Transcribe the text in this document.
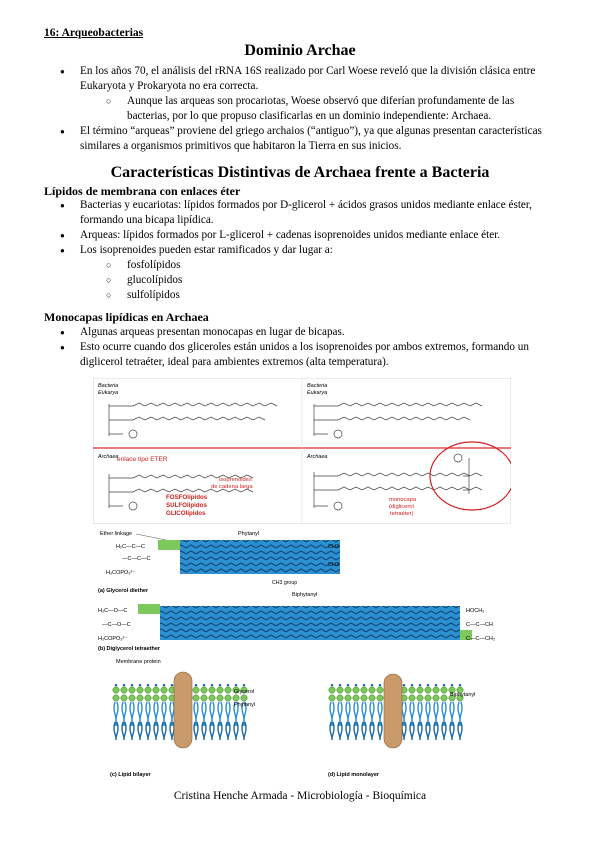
16: Arqueobacterias
Dominio Archae
● En los años 70, el análisis del rRNA 16S realizado por Carl Woese reveló que la división clásica entre Eukaryota y Prokaryota no era correcta.
○ Aunque las arqueas son procariotas, Woese observó que diferían profundamente de las bacterias, por lo que propuso clasificarlas en un dominio independiente: Archaea.
● El término “arqueas” proviene del griego archaios (“antiguo”), ya que algunas presentan características similares a organismos primitivos que habitaron la Tierra en sus inicios.
Características Distintivas de Archaea frente a Bacteria
Lípidos de membrana con enlaces éter
● Bacterias y eucariotas: lípidos formados por D-glicerol + ácidos grasos unidos mediante enlace éster, formando una bicapa lipídica.
● Arqueas: lípidos formados por L-glicerol + cadenas isoprenoides unidos mediante enlace éter.
● Los isoprenoides pueden estar ramificados y dar lugar a:
○ fosfolípidos
○ glucolípidos
○ sulfolípidos
Monocapas lipídicas en Archaea
● Algunas arqueas presentan monocapas en lugar de bicapas.
● Esto ocurre cuando dos gliceroles están unidos a los isoprenoides por ambos extremos, formando un diglicerol tetraéter, ideal para ambientes extremos (alta temperatura).
Bacteria
Eukarya
Bacteria
Eukarya
Archaea	Archaea
enlace tipo ETER
isoprenoides
de cadena larga
FOSFOlípidos
SULFOlípidos
GLICOlípidos
monocapa
(diglicerol
tetraéter)
Ether linkage	Phytanyl
H₂C—C—C
—C—C—C
H₂COPO₃²⁻
CH3
CH3
CH3 group
(a) Glycerol diether
Biphytanyl
H₂C—O—C
—C—O—C
H₂COPO₃²⁻
HOCH₂
C—C—CH
C—C—CH₂
(b) Diglycerol tetraether
Membrane protein
Glycerol
Phytanyl
(c) Lipid bilayer
Biphytanyl
(d) Lipid monolayer
Cristina Henche Armada - Microbiología - Bioquímica
